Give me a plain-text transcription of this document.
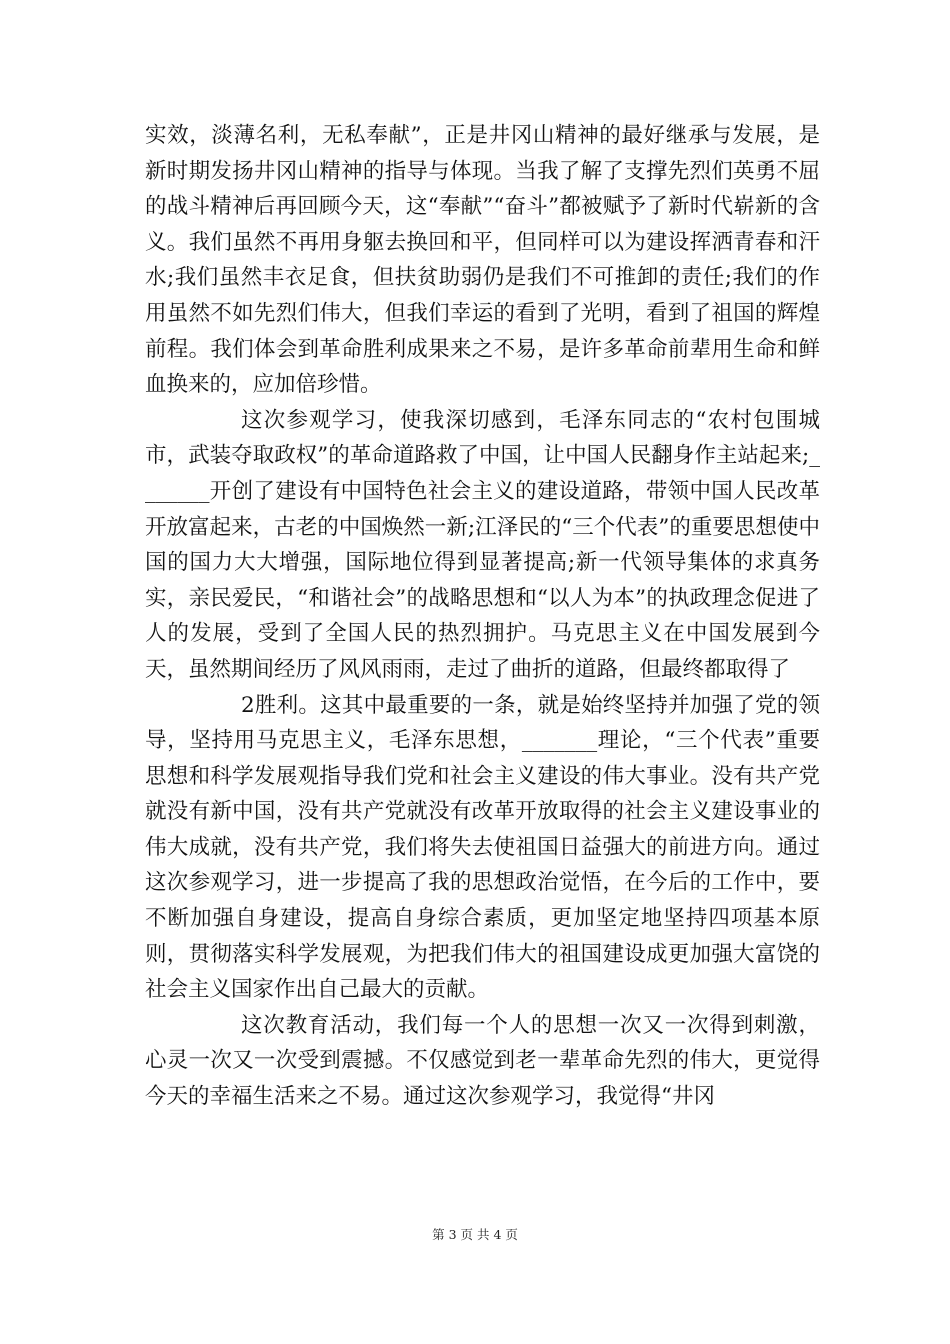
实效，淡薄名利，无私奉献”，正是井冈山精神的最好继承与发展，是新时期发扬井冈山精神的指导与体现。当我了解了支撑先烈们英勇不屈的战斗精神后再回顾今天，这“奉献”“奋斗”都被赋予了新时代崭新的含义。我们虽然不再用身躯去换回和平，但同样可以为建设挥洒青春和汗水;我们虽然丰衣足食，但扶贫助弱仍是我们不可推卸的责任;我们的作用虽然不如先烈们伟大，但我们幸运的看到了光明，看到了祖国的辉煌前程。我们体会到革命胜利成果来之不易，是许多革命前辈用生命和鲜血换来的，应加倍珍惜。

这次参观学习，使我深切感到，毛泽东同志的“农村包围城市，武装夺取政权”的革命道路救了中国，让中国人民翻身作主站起来;_______开创了建设有中国特色社会主义的建设道路，带领中国人民改革开放富起来，古老的中国焕然一新;江泽民的“三个代表”的重要思想使中国的国力大大增强，国际地位得到显著提高;新一代领导集体的求真务实，亲民爱民，“和谐社会”的战略思想和“以人为本”的执政理念促进了人的发展，受到了全国人民的热烈拥护。马克思主义在中国发展到今天，虽然期间经历了风风雨雨，走过了曲折的道路，但最终都取得了

2胜利。这其中最重要的一条，就是始终坚持并加强了党的领导，坚持用马克思主义，毛泽东思想，_______理论，“三个代表”重要思想和科学发展观指导我们党和社会主义建设的伟大事业。没有共产党就没有新中国，没有共产党就没有改革开放取得的社会主义建设事业的伟大成就，没有共产党，我们将失去使祖国日益强大的前进方向。通过这次参观学习，进一步提高了我的思想政治觉悟，在今后的工作中，要不断加强自身建设，提高自身综合素质，更加坚定地坚持四项基本原则，贯彻落实科学发展观，为把我们伟大的祖国建设成更加强大富饶的社会主义国家作出自己最大的贡献。

这次教育活动，我们每一个人的思想一次又一次得到刺激，心灵一次又一次受到震撼。不仅感觉到老一辈革命先烈的伟大，更觉得今天的幸福生活来之不易。通过这次参观学习，我觉得“井冈

第 3 页 共 4 页
